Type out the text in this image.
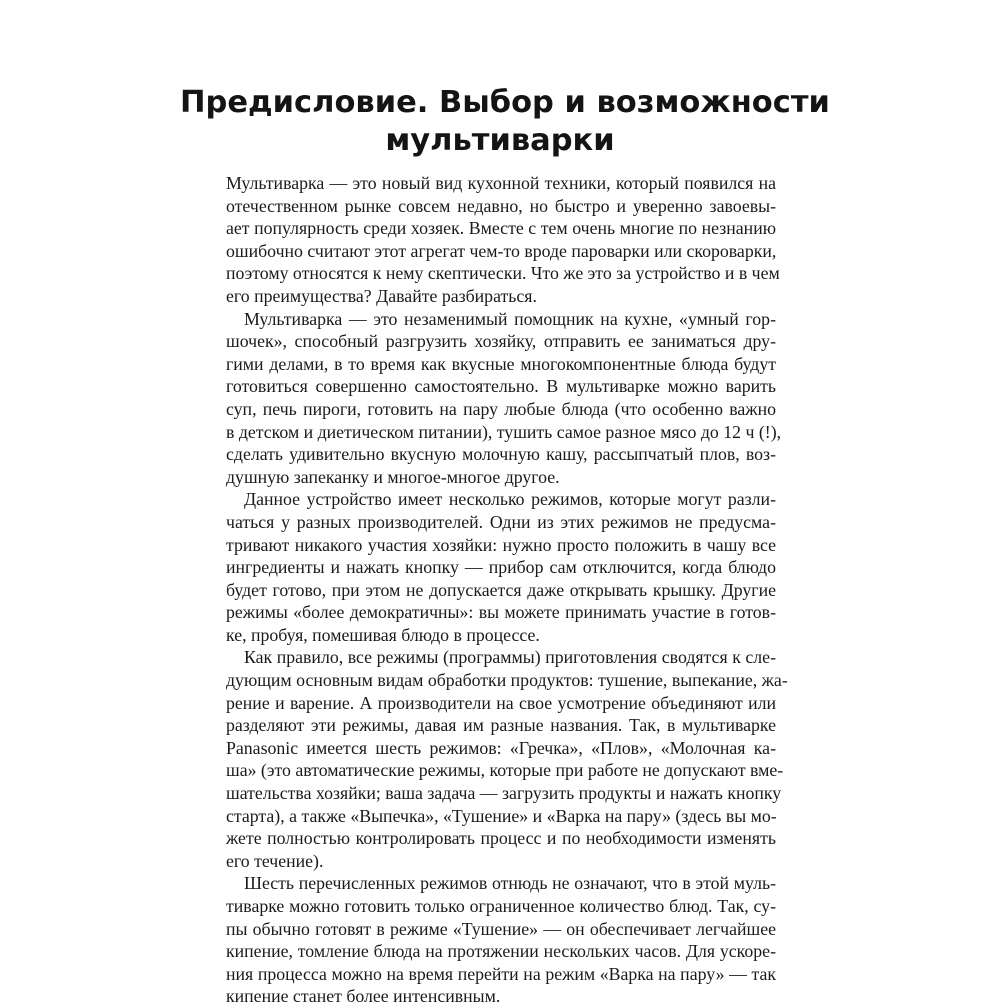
Предисловие. Выбор и возможности
мультиварки

Мультиварка — это новый вид кухонной техники, который появился на
отечественном рынке совсем недавно, но быстро и уверенно завоевы-
ает популярность среди хозяек. Вместе с тем очень многие по незнанию
ошибочно считают этот агрегат чем-то вроде пароварки или скороварки,
поэтому относятся к нему скептически. Что же это за устройство и в чем
его преимущества? Давайте разбираться.

Мультиварка — это незаменимый помощник на кухне, «умный гор-
шочек», способный разгрузить хозяйку, отправить ее заниматься дру-
гими делами, в то время как вкусные многокомпонентные блюда будут
готовиться совершенно самостоятельно. В мультиварке можно варить
суп, печь пироги, готовить на пару любые блюда (что особенно важно
в детском и диетическом питании), тушить самое разное мясо до 12 ч (!),
сделать удивительно вкусную молочную кашу, рассыпчатый плов, воз-
душную запеканку и многое-многое другое.

Данное устройство имеет несколько режимов, которые могут разли-
чаться у разных производителей. Одни из этих режимов не предусма-
тривают никакого участия хозяйки: нужно просто положить в чашу все
ингредиенты и нажать кнопку — прибор сам отключится, когда блюдо
будет готово, при этом не допускается даже открывать крышку. Другие
режимы «более демократичны»: вы можете принимать участие в готов-
ке, пробуя, помешивая блюдо в процессе.

Как правило, все режимы (программы) приготовления сводятся к сле-
дующим основным видам обработки продуктов: тушение, выпекание, жа-
рение и варение. А производители на свое усмотрение объединяют или
разделяют эти режимы, давая им разные названия. Так, в мультиварке
Panasonic имеется шесть режимов: «Гречка», «Плов», «Молочная ка-
ша» (это автоматические режимы, которые при работе не допускают вме-
шательства хозяйки; ваша задача — загрузить продукты и нажать кнопку
старта), а также «Выпечка», «Тушение» и «Варка на пару» (здесь вы мо-
жете полностью контролировать процесс и по необходимости изменять
его течение).

Шесть перечисленных режимов отнюдь не означают, что в этой муль-
тиварке можно готовить только ограниченное количество блюд. Так, су-
пы обычно готовят в режиме «Тушение» — он обеспечивает легчайшее
кипение, томление блюда на протяжении нескольких часов. Для ускоре-
ния процесса можно на время перейти на режим «Варка на пару» — так
кипение станет более интенсивным.
